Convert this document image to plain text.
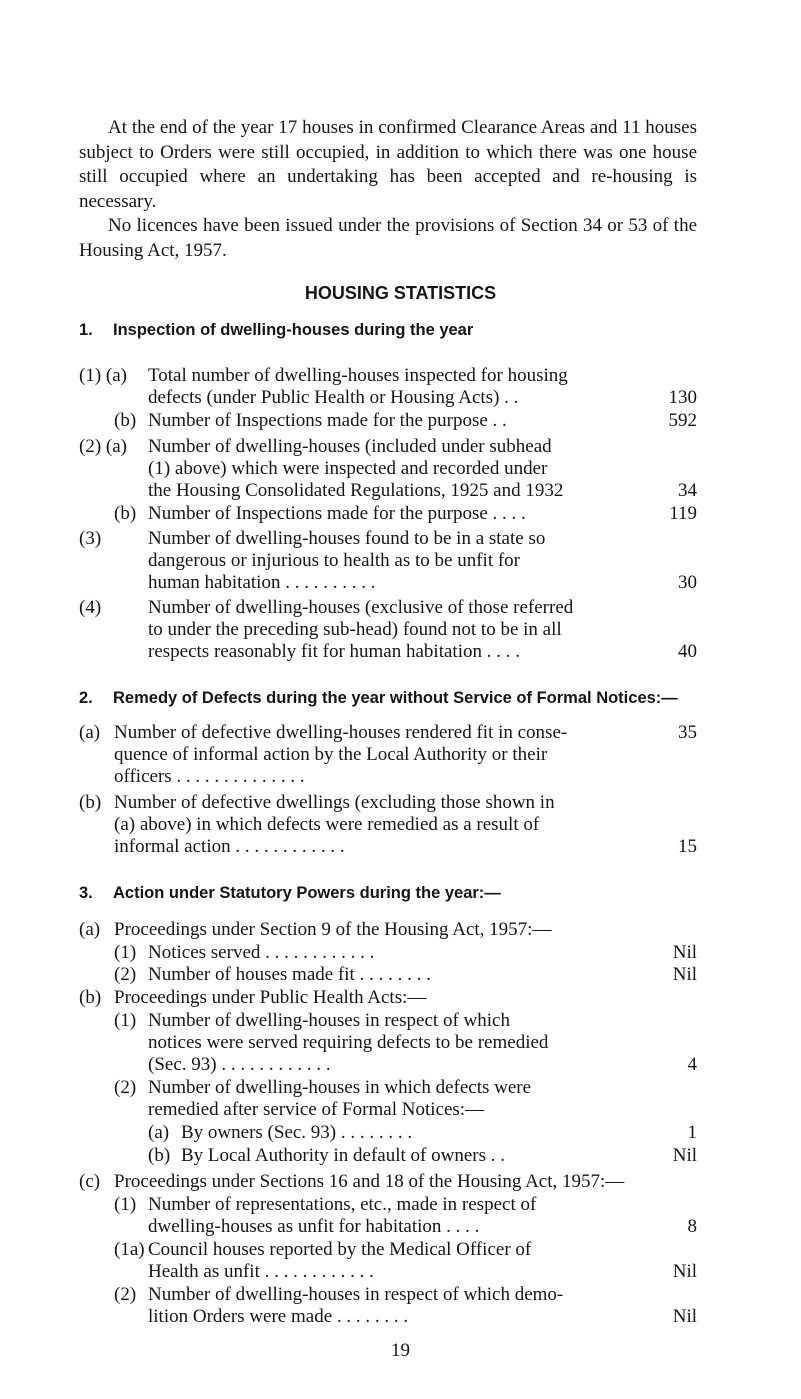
At the end of the year 17 houses in confirmed Clearance Areas and 11 houses subject to Orders were still occupied, in addition to which there was one house still occupied where an undertaking has been accepted and re-housing is necessary.

No licences have been issued under the provisions of Section 34 or 53 of the Housing Act, 1957.

HOUSING STATISTICS
1. Inspection of dwelling-houses during the year
(1) (a) Total number of dwelling-houses inspected for housing
defects (under Public Health or Housing Acts) . .	130
(b) Number of Inspections made for the purpose . .	592
(2) (a) Number of dwelling-houses (included under subhead
(1) above) which were inspected and recorded under
the Housing Consolidated Regulations, 1925 and 1932	34
(b) Number of Inspections made for the purpose . . . .	119
(3) Number of dwelling-houses found to be in a state so
dangerous or injurious to health as to be unfit for
human habitation . . . . . . . . . .	30
(4) Number of dwelling-houses (exclusive of those referred
to under the preceding sub-head) found not to be in all
respects reasonably fit for human habitation . . . .	40
2. Remedy of Defects during the year without Service of Formal Notices:—
(a) Number of defective dwelling-houses rendered fit in conse-	35
quence of informal action by the Local Authority or their
officers . . . . . . . . . . . . . .
(b) Number of defective dwellings (excluding those shown in
(a) above) in which defects were remedied as a result of
informal action . . . . . . . . . . . .	15
3. Action under Statutory Powers during the year:—
(a) Proceedings under Section 9 of the Housing Act, 1957:—
(1) Notices served . . . . . . . . . . . .	Nil
(2) Number of houses made fit . . . . . . . .	Nil
(b) Proceedings under Public Health Acts:—
(1) Number of dwelling-houses in respect of which
notices were served requiring defects to be remedied
(Sec. 93) . . . . . . . . . . . .	4
(2) Number of dwelling-houses in which defects were
remedied after service of Formal Notices:—
(a) By owners (Sec. 93) . . . . . . . .	1
(b) By Local Authority in default of owners . .	Nil
(c) Proceedings under Sections 16 and 18 of the Housing Act, 1957:—
(1) Number of representations, etc., made in respect of
dwelling-houses as unfit for habitation . . . .	8
(1a) Council houses reported by the Medical Officer of
Health as unfit . . . . . . . . . . . .	Nil
(2) Number of dwelling-houses in respect of which demo-
lition Orders were made . . . . . . . .	Nil
19
